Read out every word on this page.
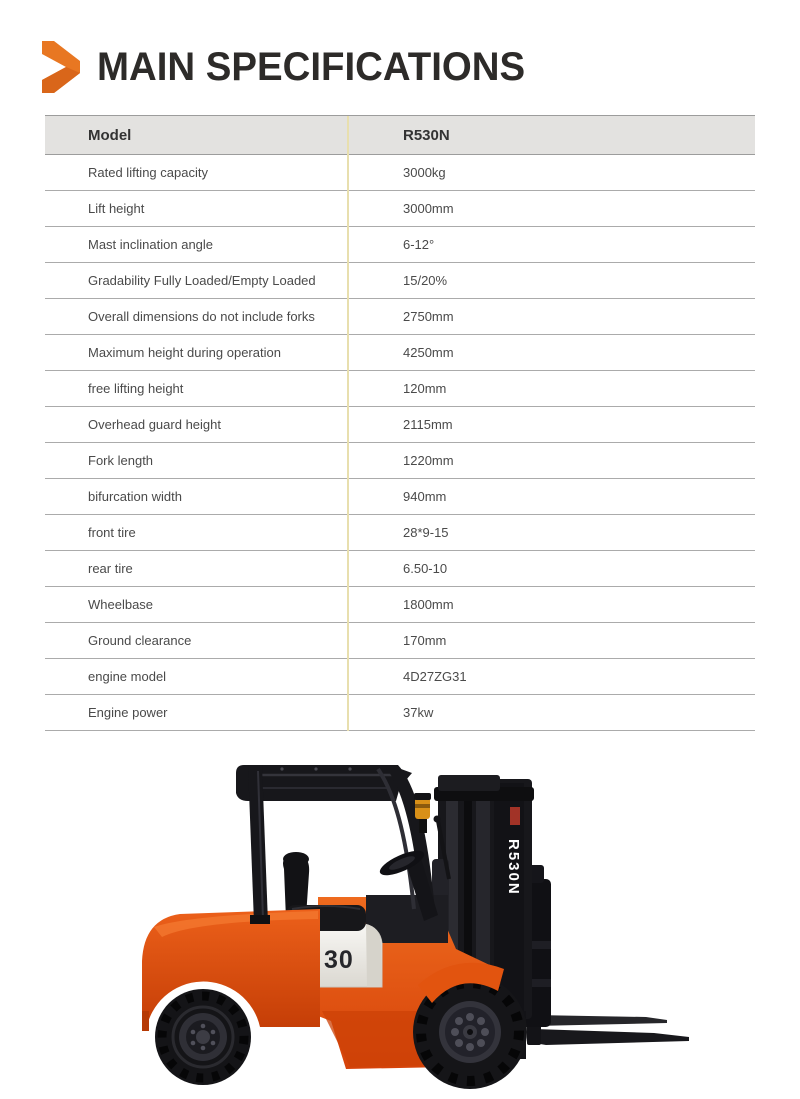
MAIN SPECIFICATIONS
Model	R530N
Rated lifting capacity	3000kg
Lift height	3000mm
Mast inclination angle	6-12°
Gradability Fully Loaded/Empty Loaded	15/20%
Overall dimensions do not include forks	2750mm
Maximum height during operation	4250mm
free lifting height	120mm
Overhead guard height	2115mm
Fork length	1220mm
bifurcation width	940mm
front tire	28*9-15
rear tire	6.50-10
Wheelbase	1800mm
Ground clearance	170mm
engine model	4D27ZG31
Engine power	37kw
R530N
30
